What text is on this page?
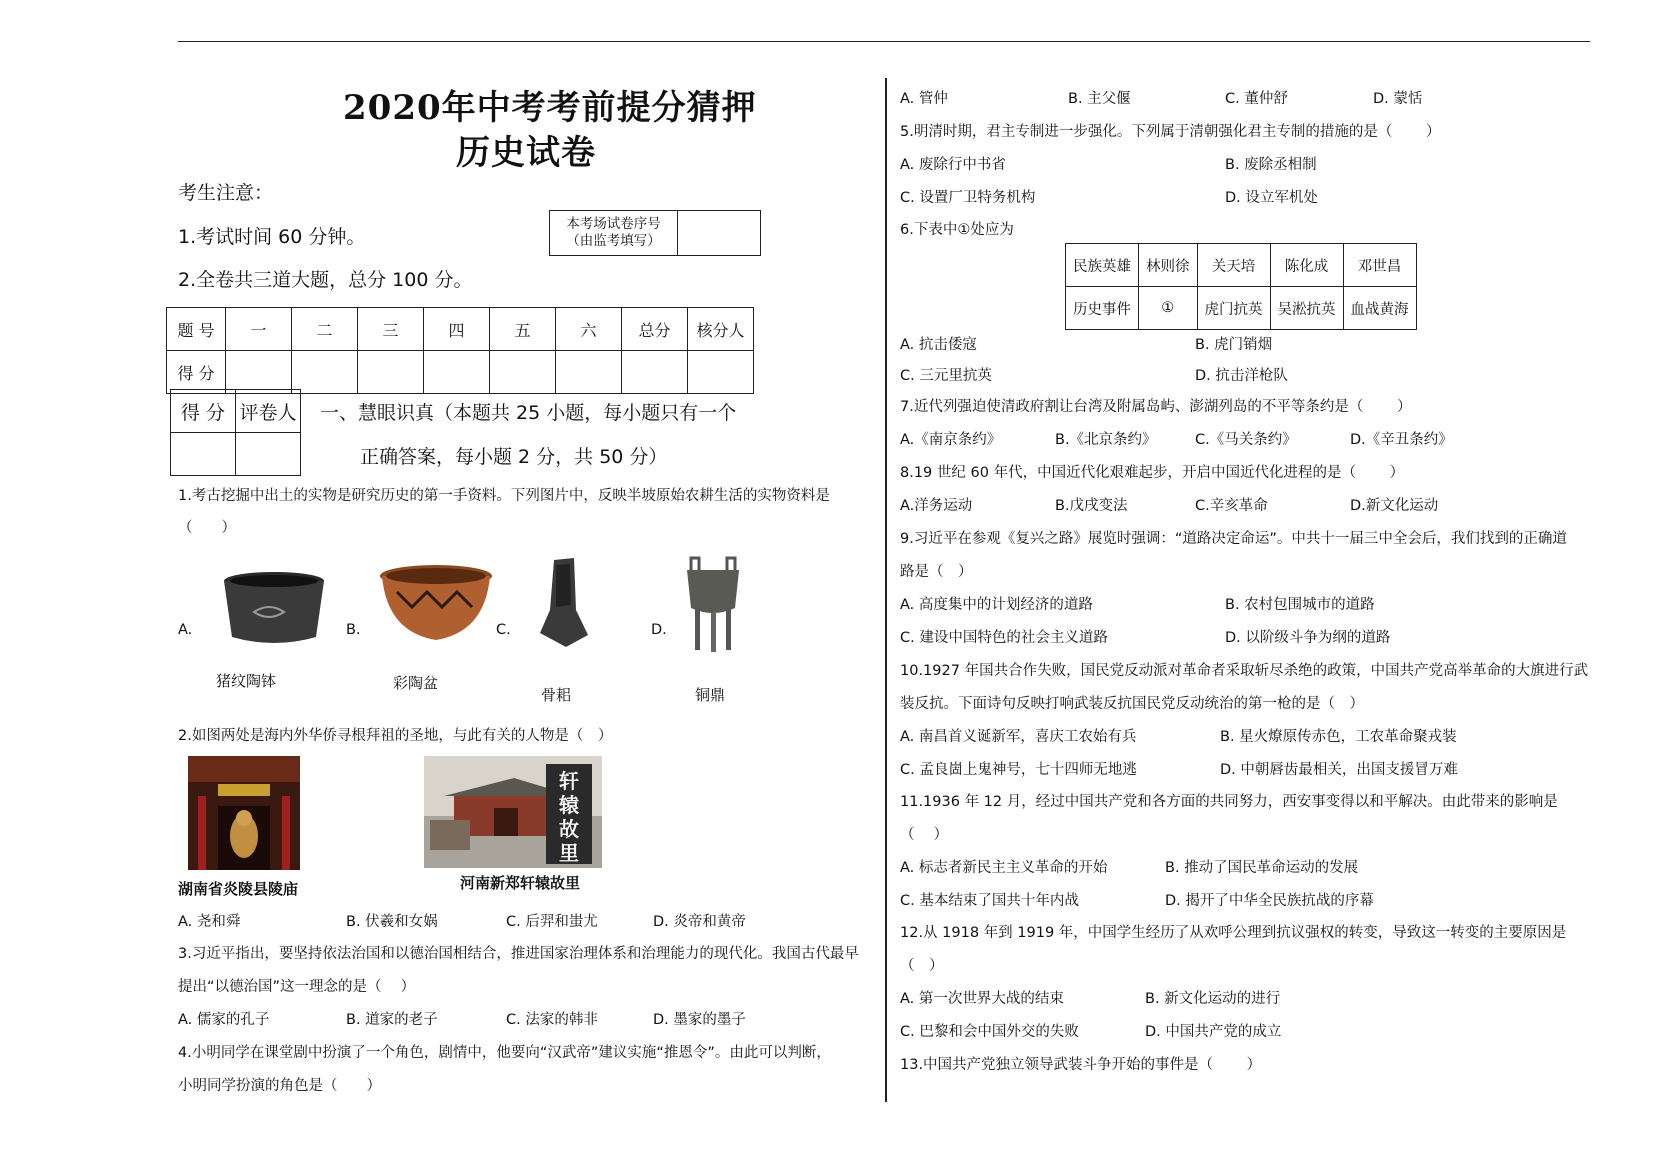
2020年中考考前提分猜押
历史试卷
考生注意：
1.考试时间 60 分钟。
2.全卷共三道大题，总分 100 分。
本考场试卷序号
（由监考填写）
题 号	一	二	三	四	五	六	总分	核分人
得 分								
得 分	评卷人
	一、慧眼识真（本题共 25 小题，每小题只有一个
正确答案，每小题 2 分，共 50 分）
1.考古挖掘中出土的实物是研究历史的第一手资料。下列图片中，反映半坡原始农耕生活的实物资料是
（　　）
A.
猪纹陶钵
B.
彩陶盆
C.
骨耜
D.
铜鼎
2.如图两处是海内外华侨寻根拜祖的圣地，与此有关的人物是（　）
湖南省炎陵县陵庙
轩
辕
故
里
河南新郑轩辕故里
A. 尧和舜	B. 伏羲和女娲	C. 后羿和蚩尤	D. 炎帝和黄帝
3.习近平指出，要坚持依法治国和以德治国相结合，推进国家治理体系和治理能力的现代化。我国古代最早
提出“以德治国”这一理念的是（　 ）
A. 儒家的孔子	B. 道家的老子	C. 法家的韩非	D. 墨家的墨子
4.小明同学在课堂剧中扮演了一个角色，剧情中，他要向“汉武帝”建议实施“推恩令”。由此可以判断，
小明同学扮演的角色是（　　）
A. 管仲	B. 主父偃	C. 董仲舒	D. 蒙恬
5.明清时期，君主专制进一步强化。下列属于清朝强化君主专制的措施的是（　　 ）
A. 废除行中书省	B. 废除丞相制
C. 设置厂卫特务机构	D. 设立军机处
6.下表中①处应为
民族英雄	林则徐	关天培	陈化成	邓世昌
历史事件	①	虎门抗英	吴淞抗英	血战黄海
A. 抗击倭寇	B. 虎门销烟
C. 三元里抗英	D. 抗击洋枪队
7.近代列强迫使清政府割让台湾及附属岛屿、澎湖列岛的不平等条约是（　　 ）
A.《南京条约》	B.《北京条约》	C.《马关条约》	D.《辛丑条约》
8.19 世纪 60 年代，中国近代化艰难起步，开启中国近代化进程的是（　　 ）
A.洋务运动	B.戊戌变法	C.辛亥革命	D.新文化运动
9.习近平在参观《复兴之路》展览时强调：“道路决定命运”。中共十一届三中全会后，我们找到的正确道
路是（　）
A. 高度集中的计划经济的道路	B. 农村包围城市的道路
C. 建设中国特色的社会主义道路	D. 以阶级斗争为纲的道路
10.1927 年国共合作失败，国民党反动派对革命者采取斩尽杀绝的政策，中国共产党高举革命的大旗进行武
装反抗。下面诗句反映打响武装反抗国民党反动统治的第一枪的是（　）
A. 南昌首义诞新军，喜庆工农始有兵	B. 星火燎原传赤色，工农革命聚戎装
C. 孟良崮上鬼神号，七十四师无地逃	D. 中朝唇齿最相关，出国支援冒万难
11.1936 年 12 月，经过中国共产党和各方面的共同努力，西安事变得以和平解决。由此带来的影响是
（　 ）
A. 标志者新民主主义革命的开始	B. 推动了国民革命运动的发展
C. 基本结束了国共十年内战	D. 揭开了中华全民族抗战的序幕
12.从 1918 年到 1919 年，中国学生经历了从欢呼公理到抗议强权的转变，导致这一转变的主要原因是
（　）
A. 第一次世界大战的结束	B. 新文化运动的进行
C. 巴黎和会中国外交的失败	D. 中国共产党的成立
13.中国共产党独立领导武装斗争开始的事件是（　　 ）
